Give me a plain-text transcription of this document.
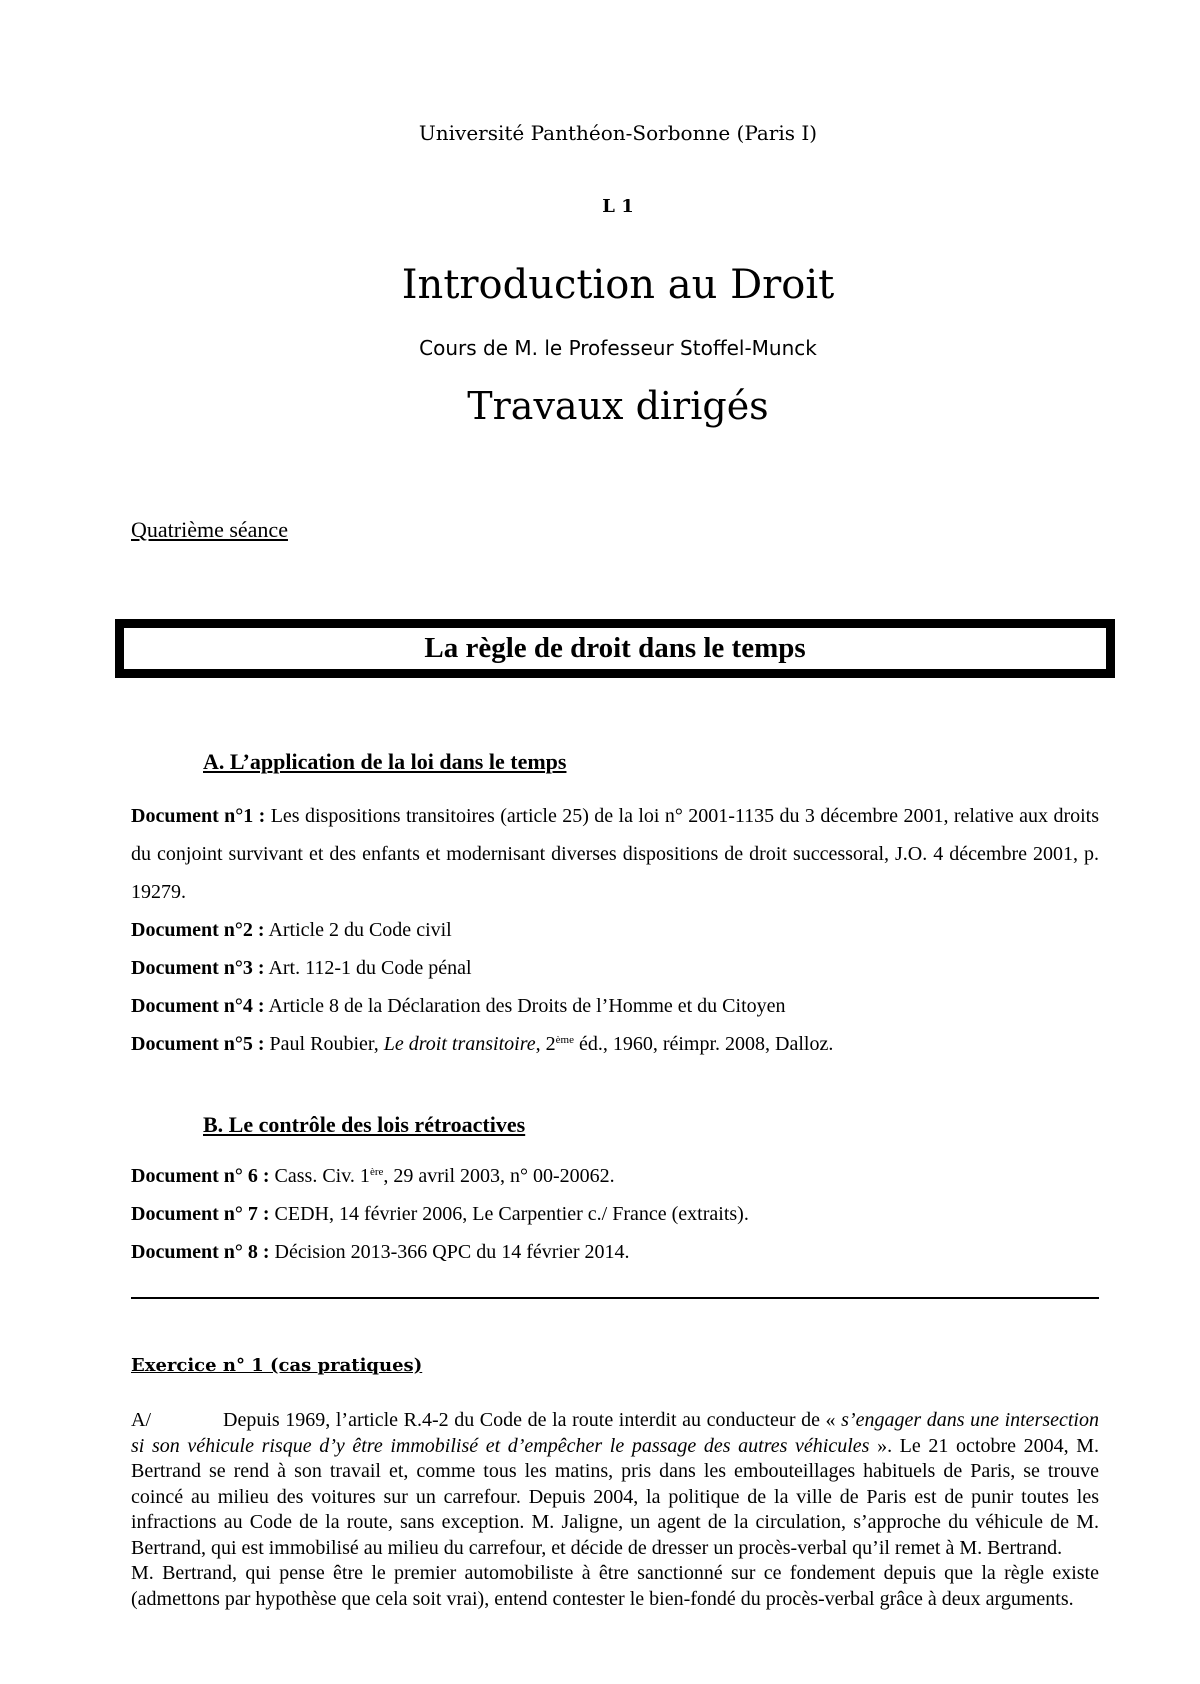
Université Panthéon-Sorbonne (Paris I)
L 1
Introduction au Droit
Cours de M. le Professeur Stoffel-Munck
Travaux dirigés
Quatrième séance
La règle de droit dans le temps
A. L’application de la loi dans le temps
Document n°1 : Les dispositions transitoires (article 25) de la loi n° 2001-1135 du 3 décembre 2001, relative aux droits du conjoint survivant et des enfants et modernisant diverses dispositions de droit successoral, J.O. 4 décembre 2001, p. 19279.
Document n°2 : Article 2 du Code civil
Document n°3 : Art. 112-1 du Code pénal
Document n°4 : Article 8 de la Déclaration des Droits de l’Homme et du Citoyen
Document n°5 : Paul Roubier, Le droit transitoire, 2ème éd., 1960, réimpr. 2008, Dalloz.
B. Le contrôle des lois rétroactives
Document n° 6 : Cass. Civ. 1ère, 29 avril 2003, n° 00-20062.
Document n° 7 : CEDH, 14 février 2006, Le Carpentier c./ France (extraits).
Document n° 8 : Décision 2013-366 QPC du 14 février 2014.
Exercice n° 1 (cas pratiques)
A/	Depuis 1969, l’article R.4-2 du Code de la route interdit au conducteur de « s’engager dans une intersection si son véhicule risque d’y être immobilisé et d’empêcher le passage des autres véhicules ». Le 21 octobre 2004, M. Bertrand se rend à son travail et, comme tous les matins, pris dans les embouteillages habituels de Paris, se trouve coincé au milieu des voitures sur un carrefour. Depuis 2004, la politique de la ville de Paris est de punir toutes les infractions au Code de la route, sans exception. M. Jaligne, un agent de la circulation, s’approche du véhicule de M. Bertrand, qui est immobilisé au milieu du carrefour, et décide de dresser un procès-verbal qu’il remet à M. Bertrand.
M. Bertrand, qui pense être le premier automobiliste à être sanctionné sur ce fondement depuis que la règle existe (admettons par hypothèse que cela soit vrai), entend contester le bien-fondé du procès-verbal grâce à deux arguments.
